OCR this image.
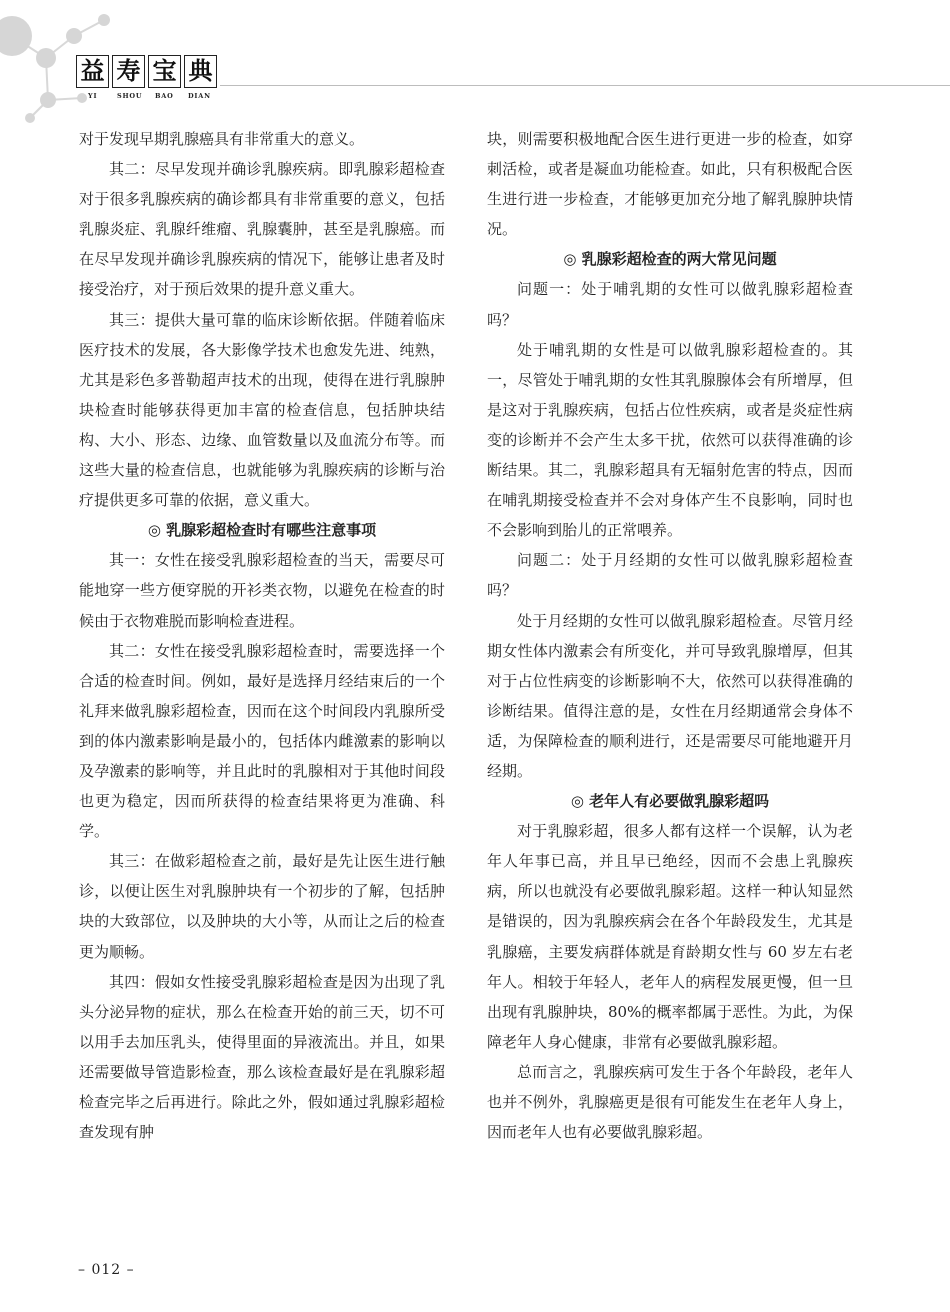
益 寿 宝 典
YI	SHOU BAO DIAN

对于发现早期乳腺癌具有非常重大的意义。

其二：尽早发现并确诊乳腺疾病。即乳腺彩超检查对于很多乳腺疾病的确诊都具有非常重要的意义，包括乳腺炎症、乳腺纤维瘤、乳腺囊肿，甚至是乳腺癌。而在尽早发现并确诊乳腺疾病的情况下，能够让患者及时接受治疗，对于预后效果的提升意义重大。

其三：提供大量可靠的临床诊断依据。伴随着临床医疗技术的发展，各大影像学技术也愈发先进、纯熟，尤其是彩色多普勒超声技术的出现，使得在进行乳腺肿块检查时能够获得更加丰富的检查信息，包括肿块结构、大小、形态、边缘、血管数量以及血流分布等。而这些大量的检查信息，也就能够为乳腺疾病的诊断与治疗提供更多可靠的依据，意义重大。

◎ 乳腺彩超检查时有哪些注意事项

其一：女性在接受乳腺彩超检查的当天，需要尽可能地穿一些方便穿脱的开衫类衣物，以避免在检查的时候由于衣物难脱而影响检查进程。

其二：女性在接受乳腺彩超检查时，需要选择一个合适的检查时间。例如，最好是选择月经结束后的一个礼拜来做乳腺彩超检查，因而在这个时间段内乳腺所受到的体内激素影响是最小的，包括体内雌激素的影响以及孕激素的影响等，并且此时的乳腺相对于其他时间段也更为稳定，因而所获得的检查结果将更为准确、科学。

其三：在做彩超检查之前，最好是先让医生进行触诊，以便让医生对乳腺肿块有一个初步的了解，包括肿块的大致部位，以及肿块的大小等，从而让之后的检查更为顺畅。

其四：假如女性接受乳腺彩超检查是因为出现了乳头分泌异物的症状，那么在检查开始的前三天，切不可以用手去加压乳头，使得里面的异液流出。并且，如果还需要做导管造影检查，那么该检查最好是在乳腺彩超检查完毕之后再进行。除此之外，假如通过乳腺彩超检查发现有肿

块，则需要积极地配合医生进行更进一步的检查，如穿刺活检，或者是凝血功能检查。如此，只有积极配合医生进行进一步检查，才能够更加充分地了解乳腺肿块情况。

◎ 乳腺彩超检查的两大常见问题

问题一：处于哺乳期的女性可以做乳腺彩超检查吗？

处于哺乳期的女性是可以做乳腺彩超检查的。其一，尽管处于哺乳期的女性其乳腺腺体会有所增厚，但是这对于乳腺疾病，包括占位性疾病，或者是炎症性病变的诊断并不会产生太多干扰，依然可以获得准确的诊断结果。其二，乳腺彩超具有无辐射危害的特点，因而在哺乳期接受检查并不会对身体产生不良影响，同时也不会影响到胎儿的正常喂养。

问题二：处于月经期的女性可以做乳腺彩超检查吗？

处于月经期的女性可以做乳腺彩超检查。尽管月经期女性体内激素会有所变化，并可导致乳腺增厚，但其对于占位性病变的诊断影响不大，依然可以获得准确的诊断结果。值得注意的是，女性在月经期通常会身体不适，为保障检查的顺利进行，还是需要尽可能地避开月经期。

◎ 老年人有必要做乳腺彩超吗

对于乳腺彩超，很多人都有这样一个误解，认为老年人年事已高，并且早已绝经，因而不会患上乳腺疾病，所以也就没有必要做乳腺彩超。这样一种认知显然是错误的，因为乳腺疾病会在各个年龄段发生，尤其是乳腺癌，主要发病群体就是育龄期女性与 60 岁左右老年人。相较于年轻人，老年人的病程发展更慢，但一旦出现有乳腺肿块，80%的概率都属于恶性。为此，为保障老年人身心健康，非常有必要做乳腺彩超。

总而言之，乳腺疾病可发生于各个年龄段，老年人也并不例外，乳腺癌更是很有可能发生在老年人身上，因而老年人也有必要做乳腺彩超。

– 012 –
